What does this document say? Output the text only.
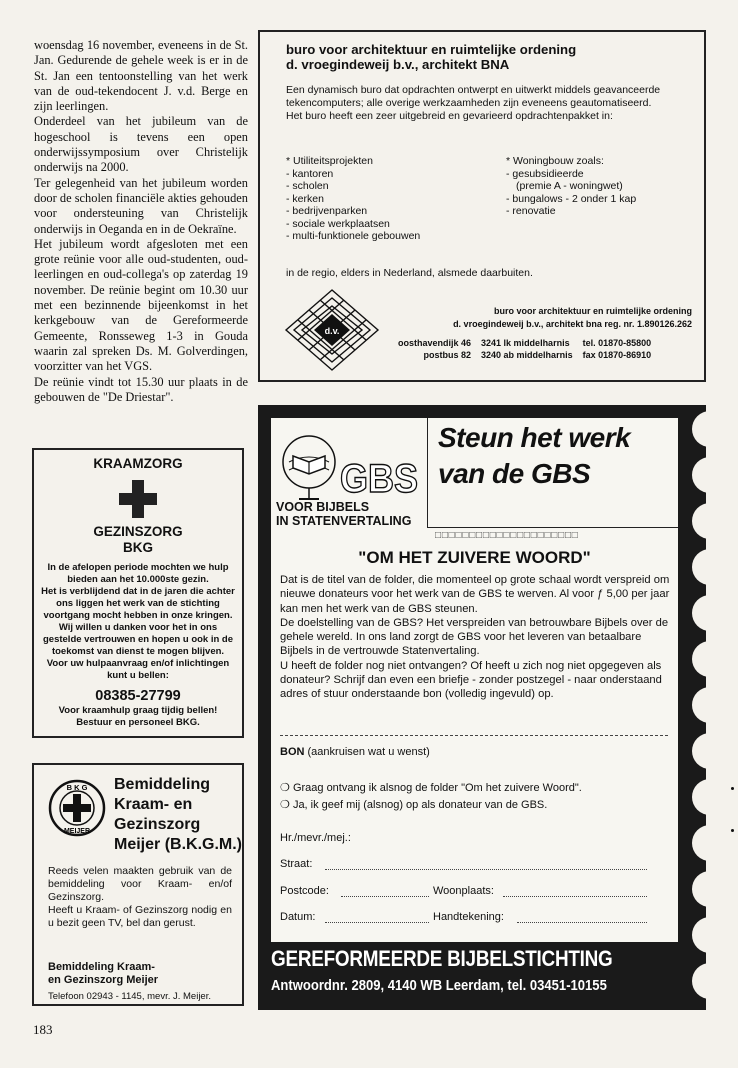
woensdag 16 november, eveneens in de St. Jan. Gedurende de gehele week is er in de St. Jan een tentoonstelling van het werk van de oud-tekendocent J. v.d. Berge en zijn leerlingen.

Onderdeel van het jubileum van de hogeschool is tevens een open onderwijssymposium over Christelijk onderwijs na 2000.

Ter gelegenheid van het jubileum worden door de scholen financiële akties gehouden voor ondersteuning van Christelijk onderwijs in Oeganda en in de Oekraïne.

Het jubileum wordt afgesloten met een grote reünie voor alle oud-studenten, oud-leerlingen en oud-collega's op zaterdag 19 november. De reünie begint om 10.30 uur met een bezinnende bijeenkomst in het kerkgebouw van de Gereformeerde Gemeente, Ronsseweg 1-3 in Gouda waarin zal spreken Ds. M. Golverdingen, voorzitter van het VGS.

De reünie vindt tot 15.30 uur plaats in de gebouwen de "De Driestar".

KRAAMZORG
GEZINSZORG
BKG
In de afelopen periode mochten we hulp bieden aan het 10.000ste gezin.
Het is verblijdend dat in de jaren die achter ons liggen het werk van de stichting voortgang mocht hebben in onze kringen.
Wij willen u danken voor het in ons gestelde vertrouwen en hopen u ook in de toekomst van dienst te mogen blijven.
Voor uw hulpaanvraag en/of inlichtingen kunt u bellen:
08385-27799
Voor kraamhulp graag tijdig bellen!
Bestuur en personeel BKG.
B K G
MEIJER
Bemiddeling
Kraam- en
Gezinszorg
Meijer (B.K.G.M.)

Reeds velen maakten gebruik van de bemiddeling voor Kraam- en/of Gezinszorg.

Heeft u Kraam- of Gezinszorg nodig en u bezit geen TV, bel dan gerust.

Bemiddeling Kraam-
en Gezinszorg Meijer
Telefoon 02943 - 1145, mevr. J. Meijer.
buro voor architektuur en ruimtelijke ordening
d. vroegindeweij b.v., architekt BNA
Een dynamisch buro dat opdrachten ontwerpt en uitwerkt middels geavanceerde tekencomputers; alle overige werkzaamheden zijn eveneens geautomatiseerd.
Het buro heeft een zeer uitgebreid en gevarieerd opdrachtenpakket in:
* Utiliteitsprojekten
- kantoren
- scholen
- kerken
- bedrijvenparken
- sociale werkplaatsen
- multi-funktionele gebouwen
* Woningbouw zoals:
- gesubsidieerde
(premie A - woningwet)
- bungalows - 2 onder 1 kap
- renovatie
in de regio, elders in Nederland, alsmede daarbuiten.
d.v.
buro voor architektuur en ruimtelijke ordening
d. vroegindeweij b.v., architekt bna reg. nr. 1.890126.262
oosthavendijk 46	3241 lk middelharnis	tel. 01870-85800
postbus 82	3240 ab middelharnis	fax 01870-86910
GBS
VOOR BIJBELS
IN STATENVERTALING
Steun het werk
van de GBS
□□□□□□□□□□□□□□□□□□□□□
"OM HET ZUIVERE WOORD"

Dat is de titel van de folder, die momenteel op grote schaal wordt verspreid om nieuwe donateurs voor het werk van de GBS te werven. Al voor ƒ 5,00 per jaar kan men het werk van de GBS steunen.

De doelstelling van de GBS? Het verspreiden van betrouwbare Bijbels over de gehele wereld. In ons land zorgt de GBS voor het leveren van betaalbare Bijbels in de vertrouwde Statenvertaling.

U heeft de folder nog niet ontvangen? Of heeft u zich nog niet opgegeven als donateur? Schrijf dan even een briefje - zonder postzegel - naar onderstaand adres of stuur onderstaande bon (volledig ingevuld) op.

BON (aankruisen wat u wenst)
❍ Graag ontvang ik alsnog de folder "Om het zuivere Woord".
❍ Ja, ik geef mij (alsnog) op als donateur van de GBS.
Hr./mevr./mej.:
Straat:
Postcode:	Woonplaats:
Datum:	Handtekening:
GEREFORMEERDE BIJBELSTICHTING
Antwoordnr. 2809, 4140 WB Leerdam, tel. 03451-10155
183
